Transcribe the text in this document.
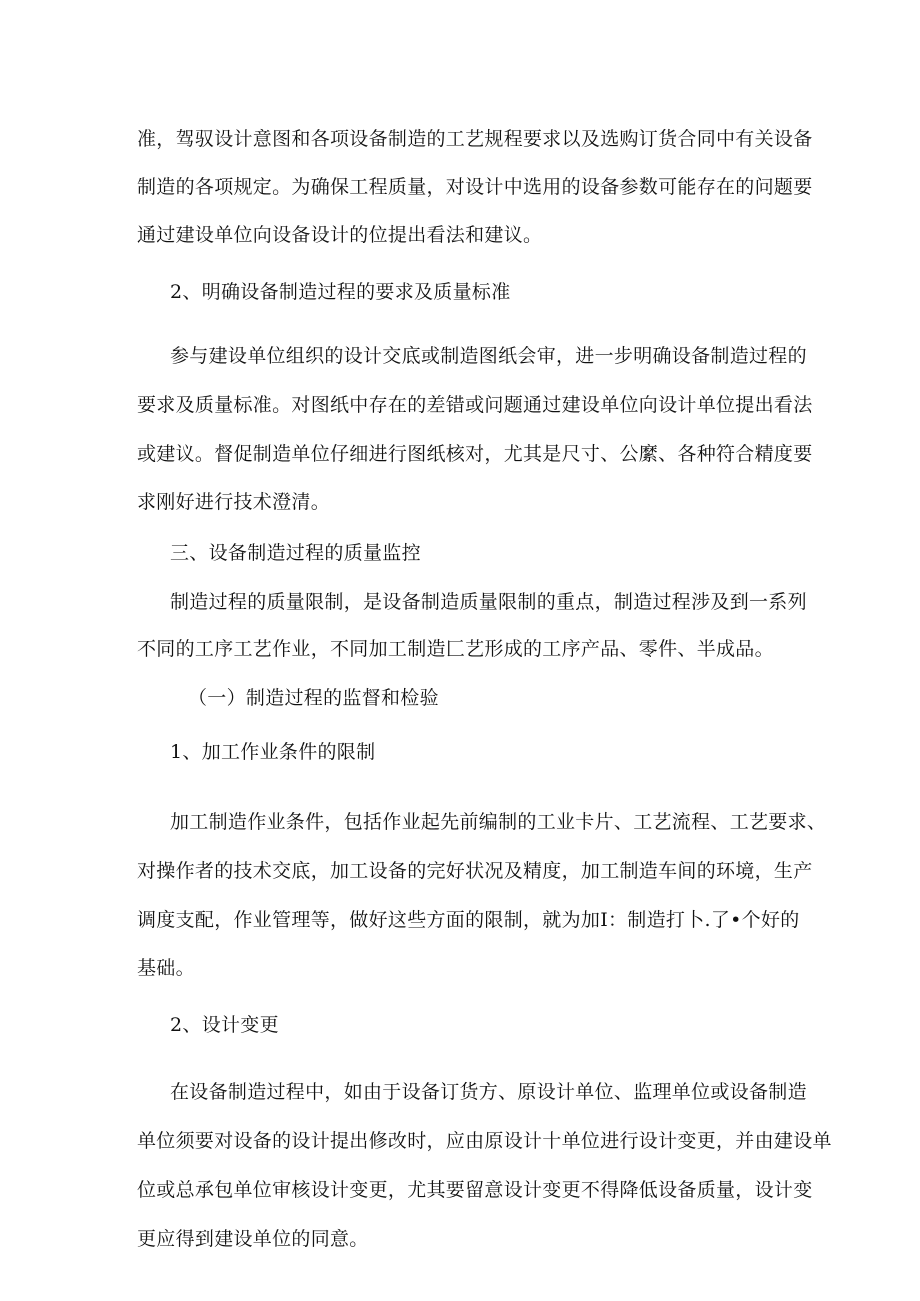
准，驾驭设计意图和各项设备制造的工艺规程要求以及选购订货合同中有关设备
制造的各项规定。为确保工程质量，对设计中选用的设备参数可能存在的问题要
通过建设单位向设备设计的位提出看法和建议。
2、明确设备制造过程的要求及质量标准
参与建设单位组织的设计交底或制造图纸会审，进一步明确设备制造过程的
要求及质量标准。对图纸中存在的差错或问题通过建设单位向设计单位提出看法
或建议。督促制造单位仔细进行图纸核对，尤其是尺寸、公縻、各种符合精度要
求刚好进行技术澄清。
三、设备制造过程的质量监控
制造过程的质量限制，是设备制造质量限制的重点，制造过程涉及到一系列
不同的工序工艺作业，不同加工制造匚艺形成的工序产品、零件、半成品。
（一）制造过程的监督和检验
1、加工作业条件的限制
加工制造作业条件，包括作业起先前编制的工业卡片、工艺流程、工艺要求、
对操作者的技术交底，加工设备的完好状况及精度，加工制造车间的环境，生产
调度支配，作业管理等，做好这些方面的限制，就为加I：制造打卜.了•个好的
基础。
2、设计变更
在设备制造过程中，如由于设备订货方、原设计单位、监理单位或设备制造
单位须要对设备的设计提出修改时，应由原设计十单位进行设计变更，并由建设单
位或总承包单位审核设计变更，尤其要留意设计变更不得降低设备质量，设计变
更应得到建设单位的同意。
